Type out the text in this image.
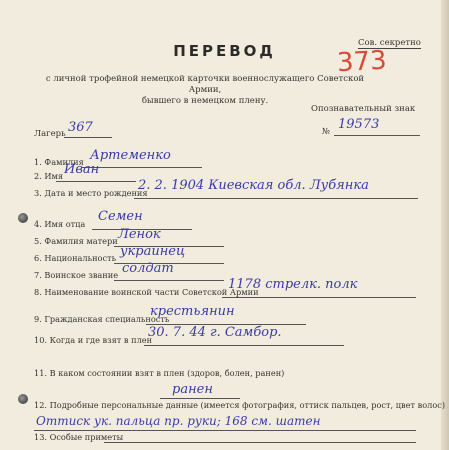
Сов. секретно
373
ПЕРЕВОД
с личной трофейной немецкой карточки военнослужащего Советской Армии,
бывшего в немецком плену.
Лагерь 367
Опознавательный знак
№ 19573
1. Фамилия Артеменко
2. Имя Иван
3. Дата и место рождения
2. 2. 1904 Киевская обл. Лубянка
4. Имя отца Семен
5. Фамилия матери Ленок
6. Национальность украинец
7. Воинское звание солдат
8. Наименование воинской части Советской Армии
1178 стрелк. полк
9. Гражданская специальность
крестьянин
10. Когда и где взят в плен
30. 7. 44 г. Самбор.
11. В каком состоянии взят в плен (здоров, болен, ранен)
ранен
12. Подробные персональные данные (имеется фотография, оттиск пальцев, рост, цвет волос)
Оттиск ук. пальца пр. руки; 168 см. шатен
13. Особые приметы
